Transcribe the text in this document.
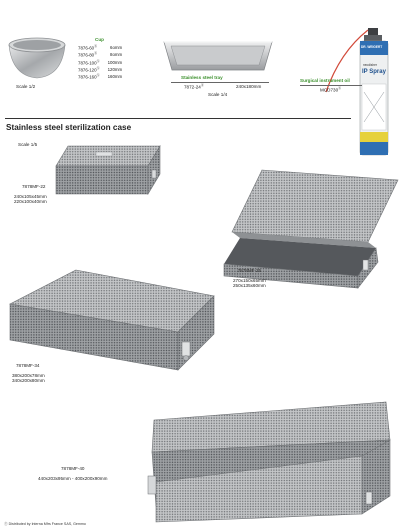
Scale 1/2
Cup
7876-60Ⓢ	6omm
7876-80Ⓢ	8omm
7876-100Ⓢ	100mm
7876-120Ⓢ	120mm
7876-160Ⓢ	160mm	Stainless steel tray
7872-24Ⓢ	240x180mm
Scale 1/4
DR. WEIGERT
neodisher
IP Spray
Surgical instrument oil
MCD730Ⓢ
Stainless steel sterilization case
Scale 1/5
7878MF-22
240x105x45mm
220x100x40mm
7878MF-25
270x150x65mm
250x135x60mm
7878MF-34
380x200x78mm
340x200x80mm
7878MF-40
440x203x95mm - 400x200x90mm
Ⓢ Distributed by Interna Mfrs France SAS, Gemmo
